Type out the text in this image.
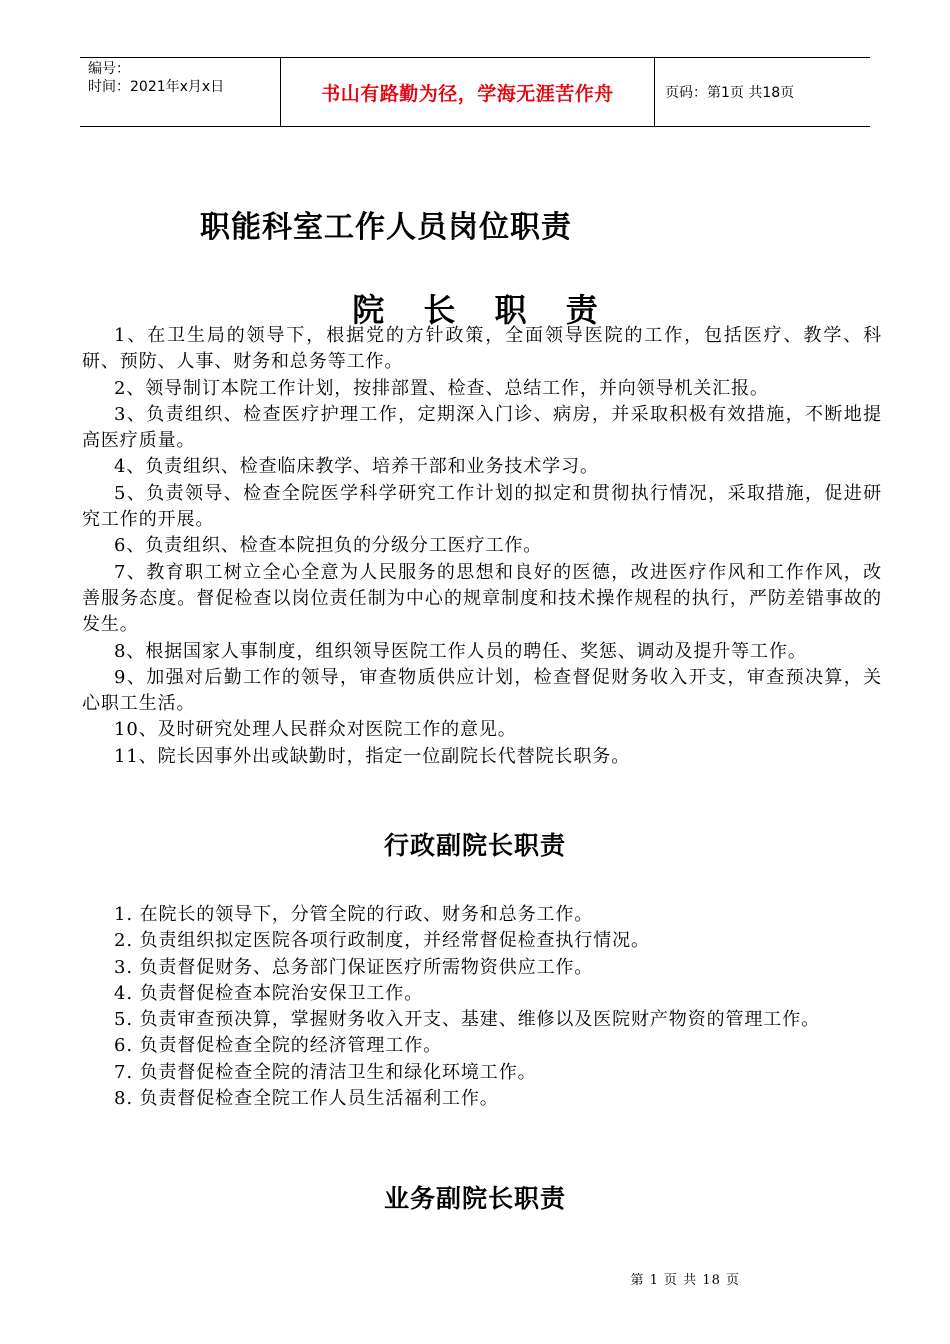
编号：
时间：2021年x月x日	书山有路勤为径，学海无涯苦作舟	页码：第1页 共18页
职能科室工作人员岗位职责
院 长 职 责

1、在卫生局的领导下，根据党的方针政策，全面领导医院的工作，包括医疗、教学、科研、预防、人事、财务和总务等工作。

2、领导制订本院工作计划，按排部置、检查、总结工作，并向领导机关汇报。

3、负责组织、检查医疗护理工作，定期深入门诊、病房，并采取积极有效措施，不断地提高医疗质量。

4、负责组织、检查临床教学、培养干部和业务技术学习。

5、负责领导、检查全院医学科学研究工作计划的拟定和贯彻执行情况，采取措施，促进研究工作的开展。

6、负责组织、检查本院担负的分级分工医疗工作。

7、教育职工树立全心全意为人民服务的思想和良好的医德，改进医疗作风和工作作风，改善服务态度。督促检查以岗位责任制为中心的规章制度和技术操作规程的执行，严防差错事故的发生。

8、根据国家人事制度，组织领导医院工作人员的聘任、奖惩、调动及提升等工作。

9、加强对后勤工作的领导，审查物质供应计划，检查督促财务收入开支，审查预决算，关心职工生活。

10、及时研究处理人民群众对医院工作的意见。

11、院长因事外出或缺勤时，指定一位副院长代替院长职务。

行政副院长职责

1. 在院长的领导下，分管全院的行政、财务和总务工作。

2. 负责组织拟定医院各项行政制度，并经常督促检查执行情况。

3. 负责督促财务、总务部门保证医疗所需物资供应工作。

4. 负责督促检查本院治安保卫工作。

5. 负责审查预决算，掌握财务收入开支、基建、维修以及医院财产物资的管理工作。

6. 负责督促检查全院的经济管理工作。

7. 负责督促检查全院的清洁卫生和绿化环境工作。

8. 负责督促检查全院工作人员生活福利工作。

业务副院长职责
第 1 页 共 18 页
